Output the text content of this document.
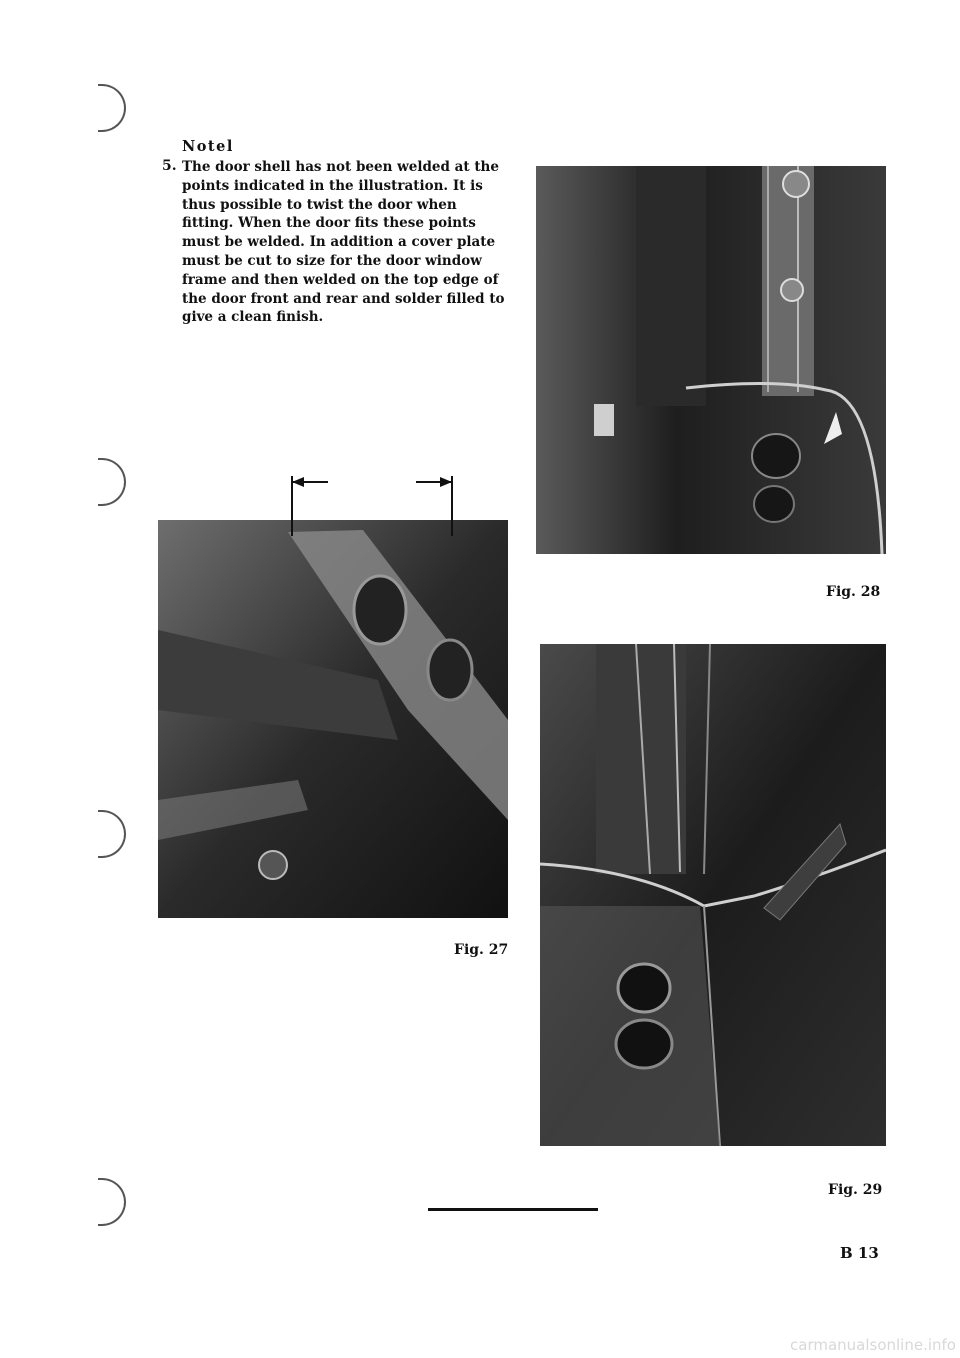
Notel
5. The door shell has not been welded at the points indicated in the illustration. It is thus possible to twist the door when fitting. When the door fits these points must be welded. In addition a cover plate must be cut to size for the door window frame and then welded on the top edge of the door front and rear and solder filled to give a clean finish.
Fig. 27
Fig. 28
Fig. 29
B 13
carmanualsonline.info
